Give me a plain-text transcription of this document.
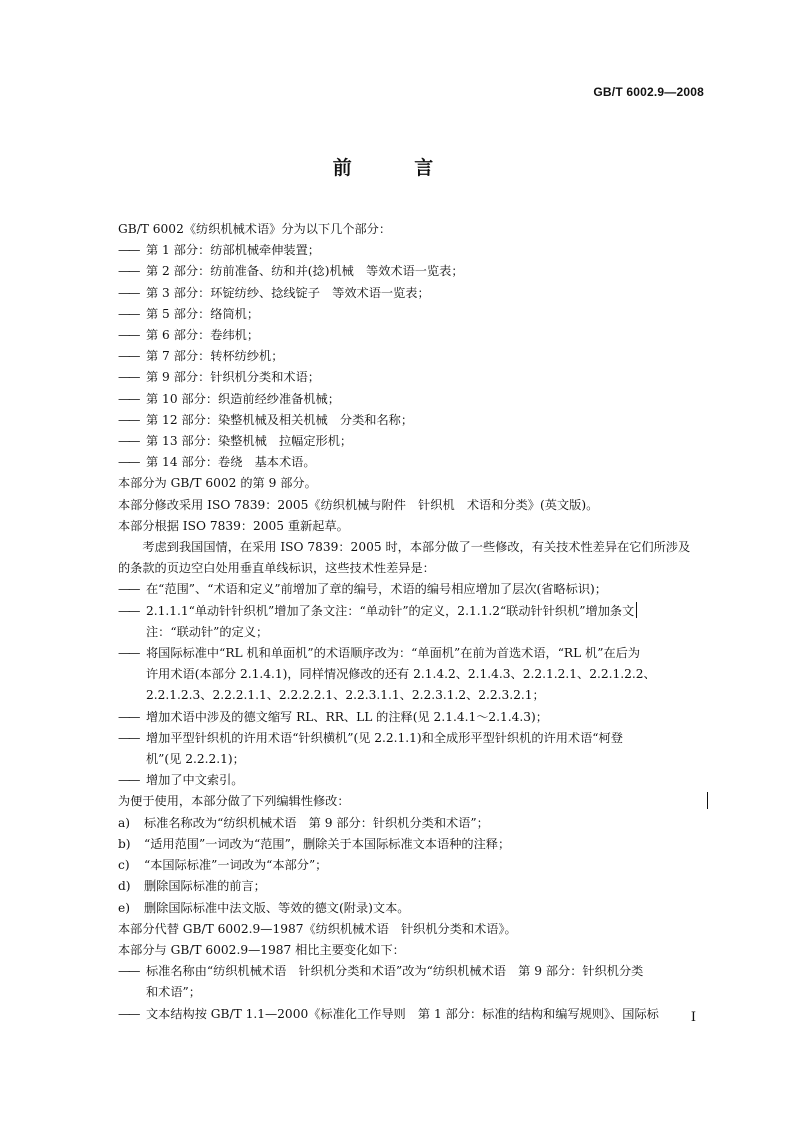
GB/T 6002.9—2008
前 言
GB/T 6002《纺织机械术语》分为以下几个部分：
—— 第 1 部分：纺部机械牵伸装置；
—— 第 2 部分：纺前准备、纺和并(捻)机械　等效术语一览表；
—— 第 3 部分：环锭纺纱、捻线锭子　等效术语一览表；
—— 第 5 部分：络筒机；
—— 第 6 部分：卷纬机；
—— 第 7 部分：转杯纺纱机；
—— 第 9 部分：针织机分类和术语；
—— 第 10 部分：织造前经纱准备机械；
—— 第 12 部分：染整机械及相关机械　分类和名称；
—— 第 13 部分：染整机械　拉幅定形机；
—— 第 14 部分：卷绕　基本术语。
本部分为 GB/T 6002 的第 9 部分。
本部分修改采用 ISO 7839：2005《纺织机械与附件　针织机　术语和分类》(英文版)。
本部分根据 ISO 7839：2005 重新起草。
考虑到我国国情，在采用 ISO 7839：2005 时，本部分做了一些修改，有关技术性差异在它们所涉及
的条款的页边空白处用垂直单线标识，这些技术性差异是：
—— 在“范围”、“术语和定义”前增加了章的编号，术语的编号相应增加了层次(省略标识)；
—— 2.1.1.1“单动针针织机”增加了条文注：“单动针”的定义，2.1.1.2“联动针针织机”增加条文
注：“联动针”的定义；
—— 将国际标准中“RL 机和单面机”的术语顺序改为：“单面机”在前为首选术语，“RL 机”在后为
许用术语(本部分 2.1.4.1)，同样情况修改的还有 2.1.4.2、2.1.4.3、2.2.1.2.1、2.2.1.2.2、
2.2.1.2.3、2.2.2.1.1、2.2.2.2.1、2.2.3.1.1、2.2.3.1.2、2.2.3.2.1；
—— 增加术语中涉及的德文缩写 RL、RR、LL 的注释(见 2.1.4.1～2.1.4.3)；
—— 增加平型针织机的许用术语“针织横机”(见 2.2.1.1)和全成形平型针织机的许用术语“柯登
机”(见 2.2.2.1)；
—— 增加了中文索引。
为便于使用，本部分做了下列编辑性修改：
a) 标准名称改为“纺织机械术语　第 9 部分：针织机分类和术语”；
b) “适用范围”一词改为“范围”，删除关于本国际标准文本语种的注释；
c) “本国际标准”一词改为“本部分”；
d) 删除国际标准的前言；
e) 删除国际标准中法文版、等效的德文(附录)文本。
本部分代替 GB/T 6002.9—1987《纺织机械术语　针织机分类和术语》。
本部分与 GB/T 6002.9—1987 相比主要变化如下：
—— 标准名称由“纺织机械术语　针织机分类和术语”改为“纺织机械术语　第 9 部分：针织机分类
和术语”；
—— 文本结构按 GB/T 1.1—2000《标准化工作导则　第 1 部分：标准的结构和编写规则》、国际标	I
